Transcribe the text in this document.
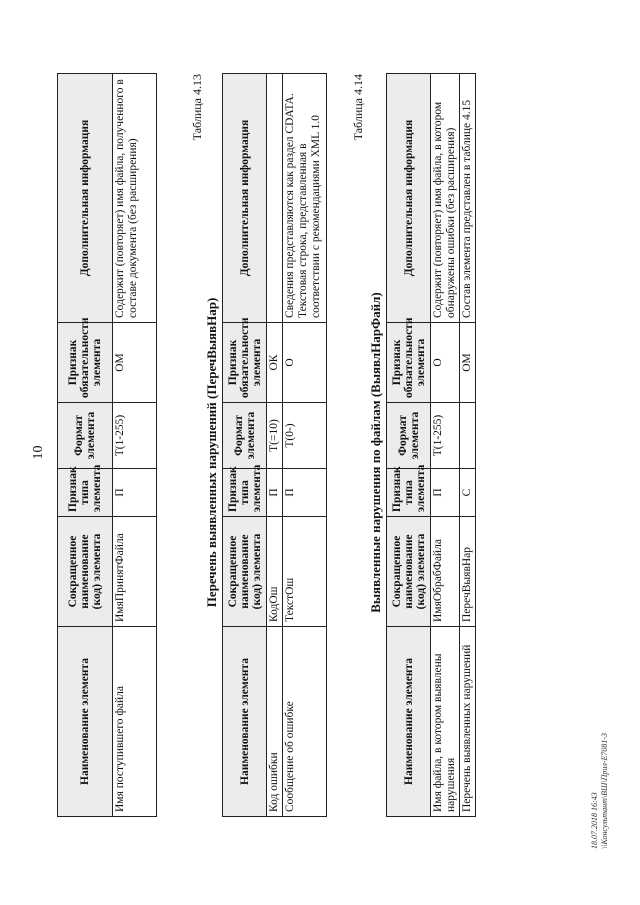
10
Наименование элемента	Сокращенное наименование (код) элемента	Признак типа элемента	Формат элемента	Признак обязательности элемента	Дополнительная информация
Имя поступившего файла	ИмяПринятФайла	П	Т(1-255)	ОМ	Содержит (повторяет) имя файла, полученного в составе документа (без расширения)
Таблица 4.13
Перечень выявленных нарушений (ПеречВыявНар)
Наименование элемента	Сокращенное наименование (код) элемента	Признак типа элемента	Формат элемента	Признак обязательности элемента	Дополнительная информация
Код ошибки	КодОш	П	Т(=10)	ОК	
Сообщение об ошибке	ТекстОш	П	Т(0-)	О	Сведения представляются как раздел CDATA. Текстовая строка, представленная в соответствии с рекомендациями XML 1.0
Таблица 4.14
Выявленные нарушения по файлам (ВыявлНарФайл)
Наименование элемента	Сокращенное наименование (код) элемента	Признак типа элемента	Формат элемента	Признак обязательности элемента	Дополнительная информация
Имя файла, в котором выявлены нарушения	ИмяОбрабФайла	П	Т(1-255)	О	Содержит (повторяет) имя файла, в котором обнаружены ошибки (без расширения)
Перечень выявленных нарушений	ПеречВыявНар	С		ОМ	Состав элемента представлен в таблице 4.15
18.07.2018 16:43 \\Консультант\ВШ\Прил-Е7081-3
